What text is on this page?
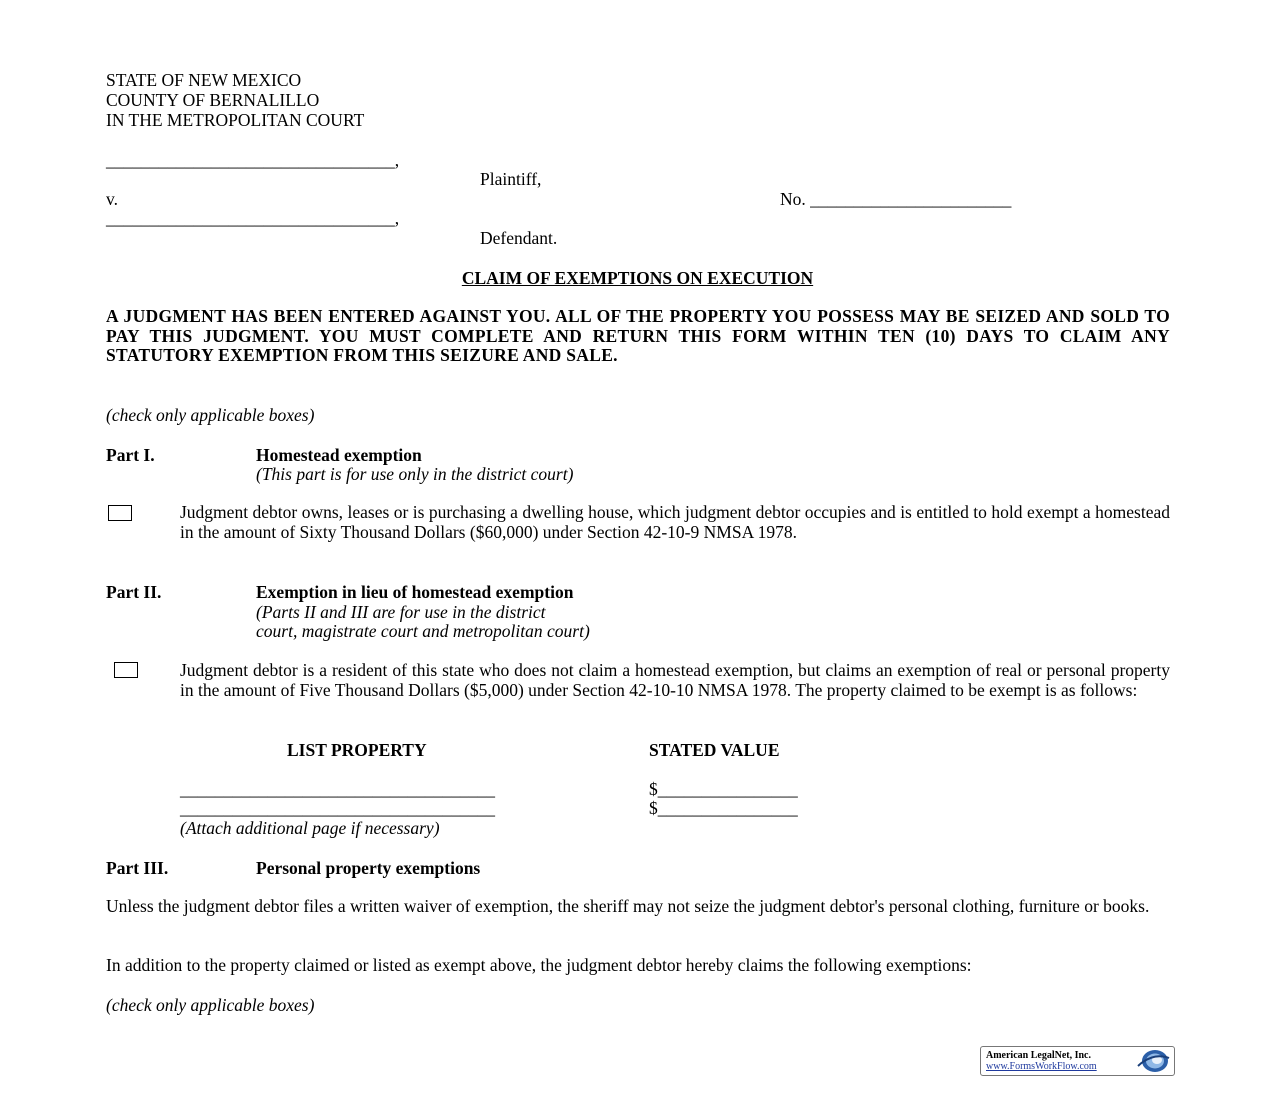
STATE OF NEW MEXICO
COUNTY OF BERNALILLO
IN THE METROPOLITAN COURT
_________________________________,
Plaintiff,
v.	No. _______________________
_________________________________,
Defendant.
CLAIM OF EXEMPTIONS ON EXECUTION
A JUDGMENT HAS BEEN ENTERED AGAINST YOU. ALL OF THE PROPERTY YOU POSSESS MAY BE SEIZED AND SOLD TO PAY THIS JUDGMENT. YOU MUST COMPLETE AND RETURN THIS FORM WITHIN TEN (10) DAYS TO CLAIM ANY STATUTORY EXEMPTION FROM THIS SEIZURE AND SALE.
(check only applicable boxes)
Part I.	Homestead exemption
(This part is for use only in the district court)
Judgment debtor owns, leases or is purchasing a dwelling house, which judgment debtor occupies and is entitled to hold exempt a homestead in the amount of Sixty Thousand Dollars ($60,000) under Section 42-10-9 NMSA 1978.
Part II.	Exemption in lieu of homestead exemption
(Parts II and III are for use in the district
court, magistrate court and metropolitan court)
Judgment debtor is a resident of this state who does not claim a homestead exemption, but claims an exemption of real or personal property in the amount of Five Thousand Dollars ($5,000) under Section 42-10-10 NMSA 1978. The property claimed to be exempt is as follows:
LIST PROPERTY	STATED VALUE
____________________________________	$________________
____________________________________	$________________
(Attach additional page if necessary)
Part III.	Personal property exemptions
Unless the judgment debtor files a written waiver of exemption, the sheriff may not seize the judgment debtor's personal clothing, furniture or books.
In addition to the property claimed or listed as exempt above, the judgment debtor hereby claims the following exemptions:
(check only applicable boxes)
American LegalNet, Inc.
www.FormsWorkFlow.com
